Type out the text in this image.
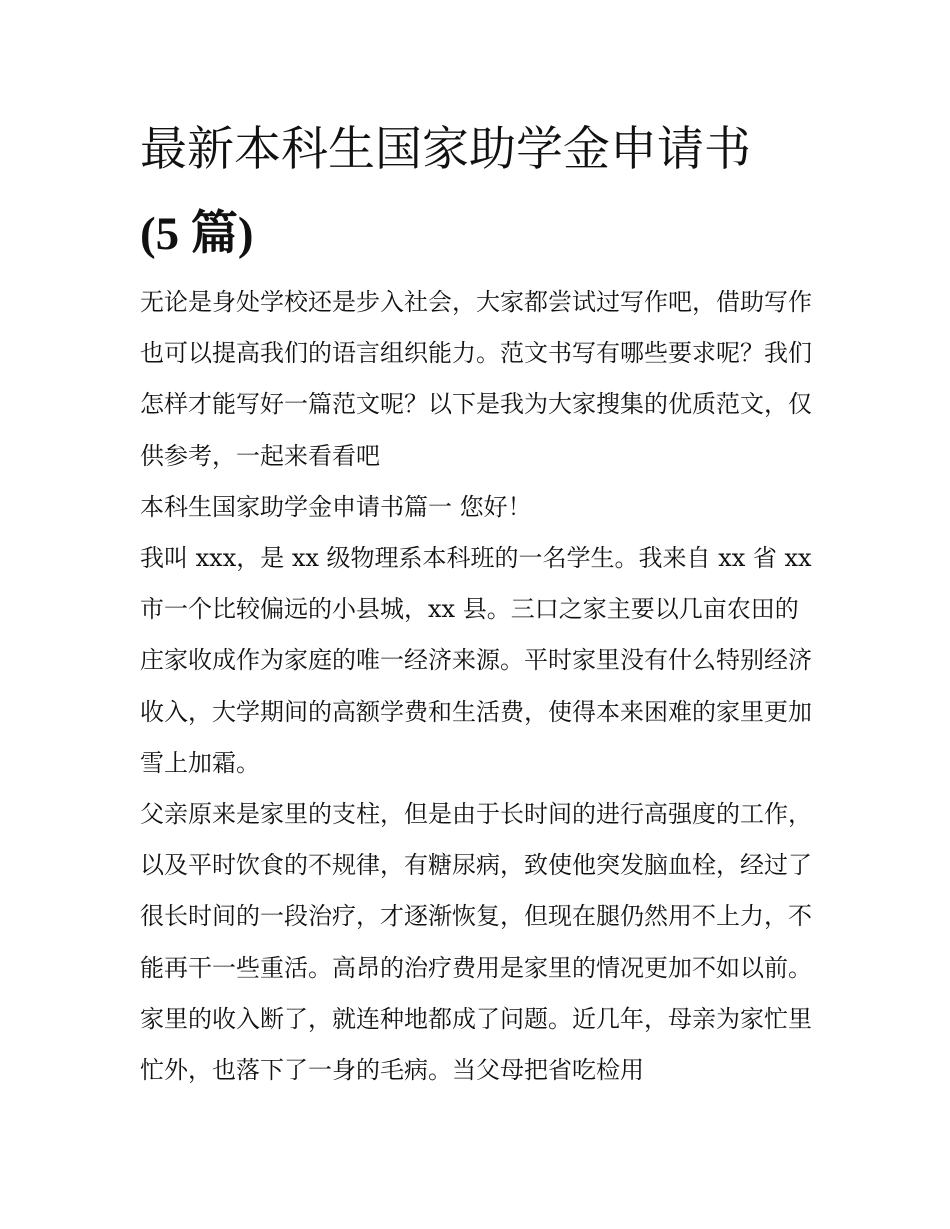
最新本科生国家助学金申请书
(5 篇)

无论是身处学校还是步入社会，大家都尝试过写作吧，借助写作也可以提高我们的语言组织能力。范文书写有哪些要求呢？我们怎样才能写好一篇范文呢？以下是我为大家搜集的优质范文，仅供参考，一起来看看吧

本科生国家助学金申请书篇一 您好！

我叫 xxx，是 xx 级物理系本科班的一名学生。我来自 xx 省 xx 市一个比较偏远的小县城，xx 县。三口之家主要以几亩农田的庄家收成作为家庭的唯一经济来源。平时家里没有什么特别经济收入，大学期间的高额学费和生活费，使得本来困难的家里更加雪上加霜。

父亲原来是家里的支柱，但是由于长时间的进行高强度的工作，以及平时饮食的不规律，有糖尿病，致使他突发脑血栓，经过了很长时间的一段治疗，才逐渐恢复，但现在腿仍然用不上力，不能再干一些重活。高昂的治疗费用是家里的情况更加不如以前。家里的收入断了，就连种地都成了问题。近几年，母亲为家忙里忙外，也落下了一身的毛病。当父母把省吃检用
